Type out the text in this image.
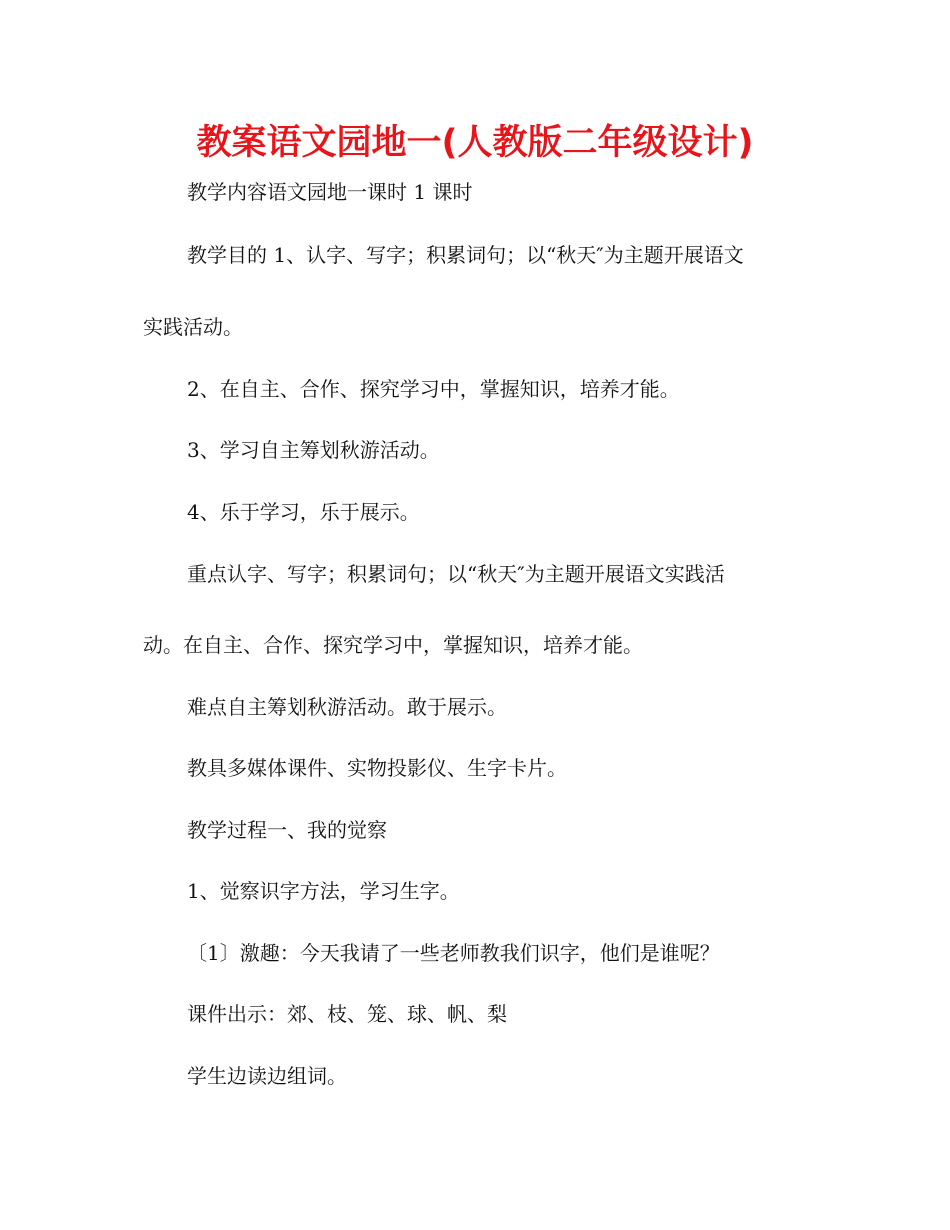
教案语文园地一(人教版二年级设计)
教学内容语文园地一课时 1 课时
教学目的 1、认字、写字；积累词句；以“秋天″为主题开展语文
实践活动。
2、在自主、合作、探究学习中，掌握知识，培养才能。
3、学习自主筹划秋游活动。
4、乐于学习，乐于展示。
重点认字、写字；积累词句；以“秋天″为主题开展语文实践活
动。在自主、合作、探究学习中，掌握知识，培养才能。
难点自主筹划秋游活动。敢于展示。
教具多媒体课件、实物投影仪、生字卡片。
教学过程一、我的觉察
1、觉察识字方法，学习生字。
〔1〕激趣：今天我请了一些老师教我们识字，他们是谁呢？
课件出示：郊、枝、笼、球、帆、梨
学生边读边组词。
